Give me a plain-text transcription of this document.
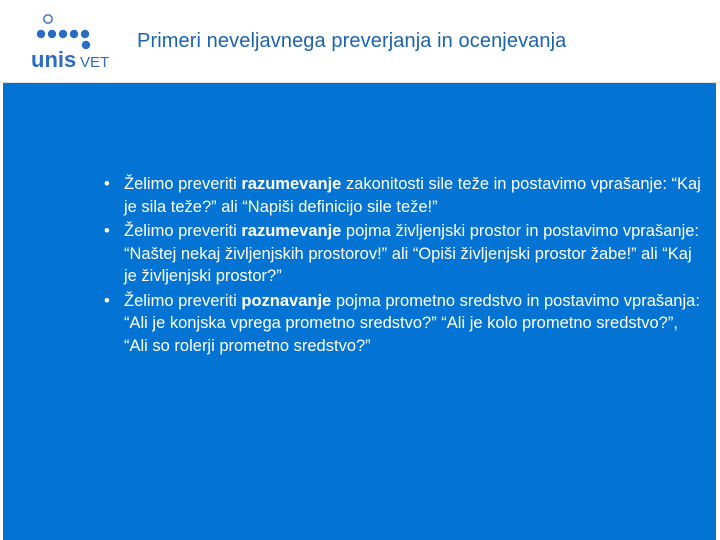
unis VET
Primeri neveljavnega preverjanja in ocenjevanja
• Želimo preveriti razumevanje zakonitosti sile teže in postavimo vprašanje: “Kaj je sila teže?” ali “Napiši definicijo sile teže!”
• Želimo preveriti razumevanje pojma življenjski prostor in postavimo vprašanje: “Naštej nekaj življenjskih prostorov!” ali “Opiši življenjski prostor žabe!” ali “Kaj je življenjski prostor?”
• Želimo preveriti poznavanje pojma prometno sredstvo in postavimo vprašanja: “Ali je konjska vprega prometno sredstvo?” “Ali je kolo prometno sredstvo?”, “Ali so rolerji prometno sredstvo?”
